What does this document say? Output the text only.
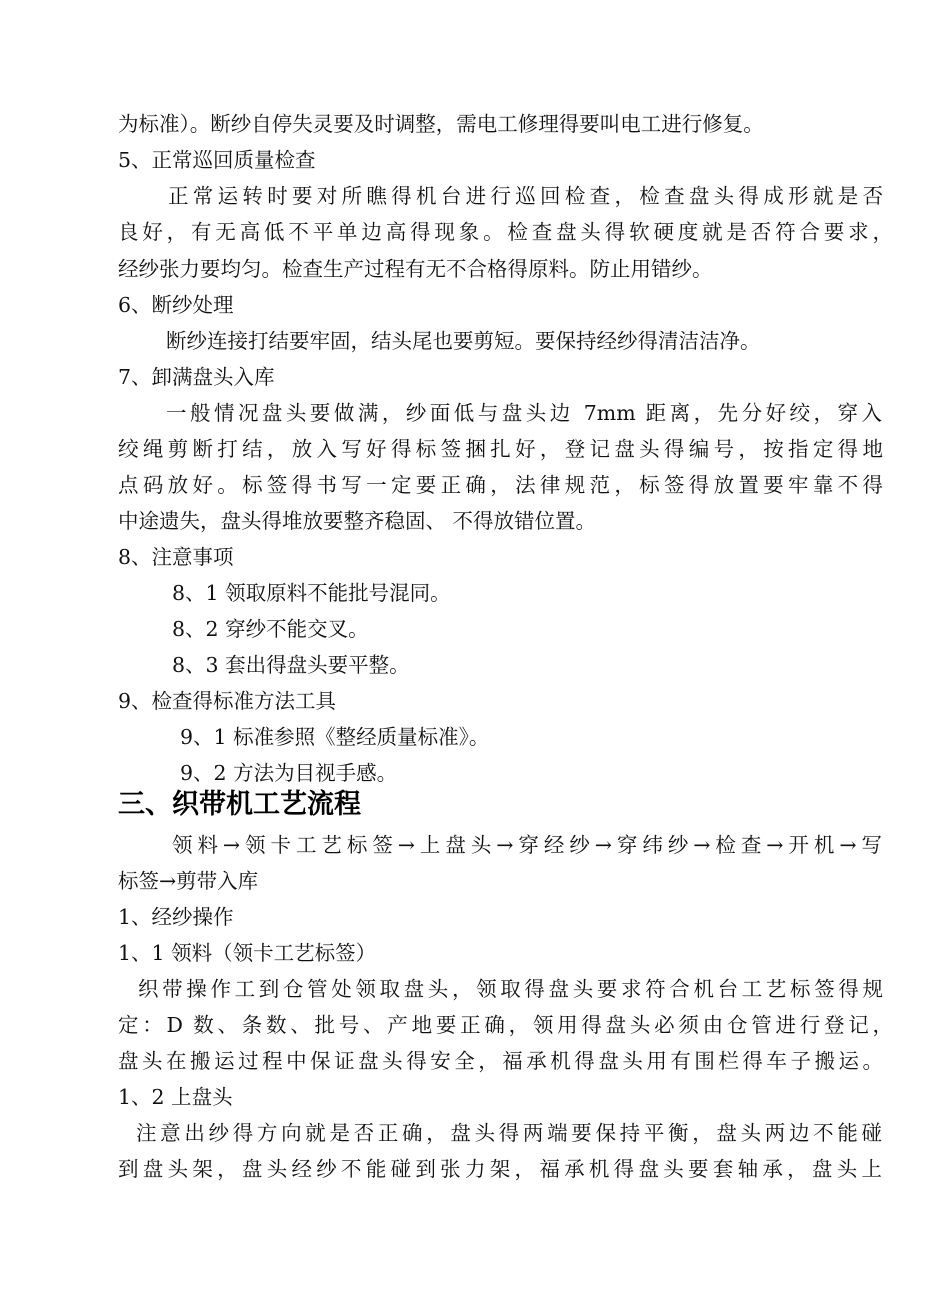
为标准）。断纱自停失灵要及时调整，需电工修理得要叫电工进行修复。
5、正常巡回质量检查
正常运转时要对所瞧得机台进行巡回检查，检查盘头得成形就是否
良好，有无高低不平单边高得现象。检查盘头得软硬度就是否符合要求，
经纱张力要均匀。检查生产过程有无不合格得原料。防止用错纱。
6、断纱处理
断纱连接打结要牢固，结头尾也要剪短。要保持经纱得清洁洁净。
7、卸满盘头入库
一般情况盘头要做满，纱面低与盘头边 7mm 距离，先分好绞，穿入
绞绳剪断打结，放入写好得标签捆扎好，登记盘头得编号，按指定得地
点码放好。标签得书写一定要正确，法律规范，标签得放置要牢靠不得
中途遗失，盘头得堆放要整齐稳固、 不得放错位置。
8、注意事项
8、1 领取原料不能批号混同。
8、2 穿纱不能交叉。
8、3 套出得盘头要平整。
9、检查得标准方法工具
9、1 标准参照《整经质量标准》。
9、2 方法为目视手感。
三、织带机工艺流程
领料→领卡工艺标签→上盘头→穿经纱→穿纬纱→检查→开机→写
标签→剪带入库
1、经纱操作
1、1 领料（领卡工艺标签）
织带操作工到仓管处领取盘头，领取得盘头要求符合机台工艺标签得规
定：D 数、条数、批号、产地要正确，领用得盘头必须由仓管进行登记，
盘头在搬运过程中保证盘头得安全，福承机得盘头用有围栏得车子搬运。
1、2 上盘头
注意出纱得方向就是否正确，盘头得两端要保持平衡，盘头两边不能碰
到盘头架，盘头经纱不能碰到张力架，福承机得盘头要套轴承，盘头上
